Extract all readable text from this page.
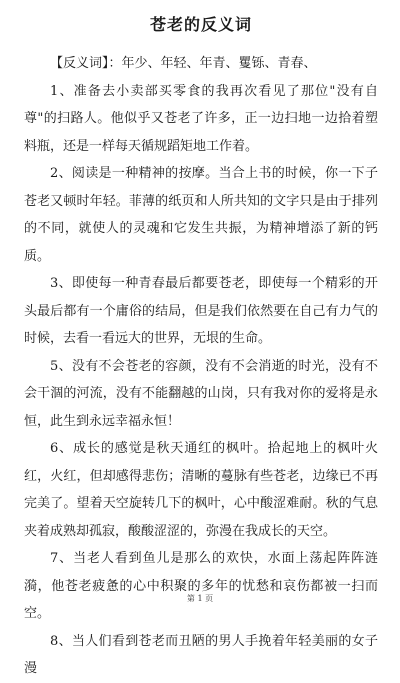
苍老的反义词

【反义词】：年少、年轻、年青、矍铄、青春、

1、准备去小卖部买零食的我再次看见了那位"没有自尊"的扫路人。他似乎又苍老了许多，正一边扫地一边拾着塑料瓶，还是一样每天循规蹈矩地工作着。

2、阅读是一种精神的按摩。当合上书的时候，你一下子苍老又顿时年轻。菲薄的纸页和人所共知的文字只是由于排列的不同，就使人的灵魂和它发生共振，为精神增添了新的钙质。

3、即使每一种青春最后都要苍老，即使每一个精彩的开头最后都有一个庸俗的结局，但是我们依然要在自己有力气的时候，去看一看远大的世界，无垠的生命。

5、没有不会苍老的容颜，没有不会消逝的时光，没有不会干涸的河流，没有不能翻越的山岗，只有我对你的爱将是永恒，此生到永远幸福永恒！

6、成长的感觉是秋天通红的枫叶。拾起地上的枫叶火红，火红，但却感得悲伤；清晰的蔓脉有些苍老，边缘已不再完美了。望着天空旋转几下的枫叶，心中酸涩难耐。秋的气息夹着成熟却孤寂，酸酸涩涩的，弥漫在我成长的天空。

7、当老人看到鱼儿是那么的欢快，水面上荡起阵阵涟漪，他苍老疲惫的心中积聚的多年的忧愁和哀伤都被一扫而空。

8、当人们看到苍老而丑陋的男人手挽着年轻美丽的女子漫

第 1 页
